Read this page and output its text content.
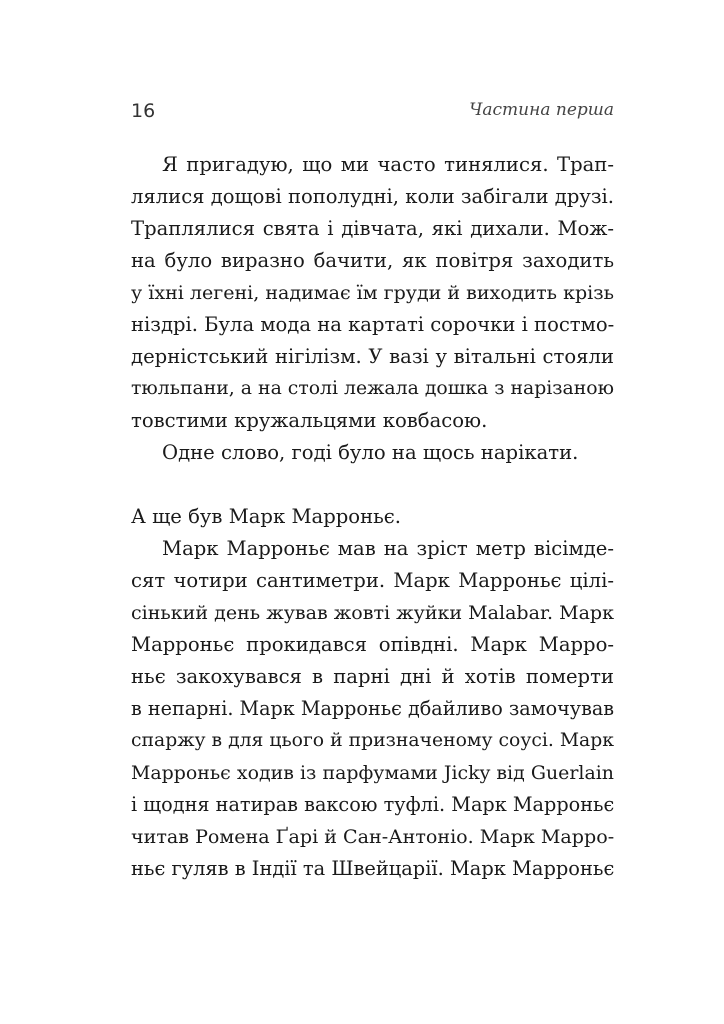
16	Частина перша
Я пригадую, що ми часто тинялися. Трап-
лялися дощові пополудні, коли забігали друзі.
Траплялися свята і дівчата, які дихали. Мож-
на було виразно бачити, як повітря заходить
у їхні легені, надимає їм груди й виходить крізь
ніздрі. Була мода на картаті сорочки і постмо-
дерністський нігілізм. У вазі у вітальні стояли
тюльпани, а на столі лежала дошка з нарізаною
товстими кружальцями ковбасою.
Одне слово, годі було на щось нарікати.
А ще був Марк Марроньє.
Марк Марроньє мав на зріст метр вісімде-
сят чотири сантиметри. Марк Марроньє цілі-
сінький день жував жовті жуйки Malabar. Марк
Марроньє прокидався опівдні. Марк Марро-
ньє закохувався в парні дні й хотів померти
в непарні. Марк Марроньє дбайливо замочував
спаржу в для цього й призначеному соусі. Марк
Марроньє ходив із парфумами Jicky від Guerlain
і щодня натирав ваксою туфлі. Марк Марроньє
читав Ромена Ґарі й Сан-Антоніо. Марк Марро-
ньє гуляв в Індії та Швейцарії. Марк Марроньє
